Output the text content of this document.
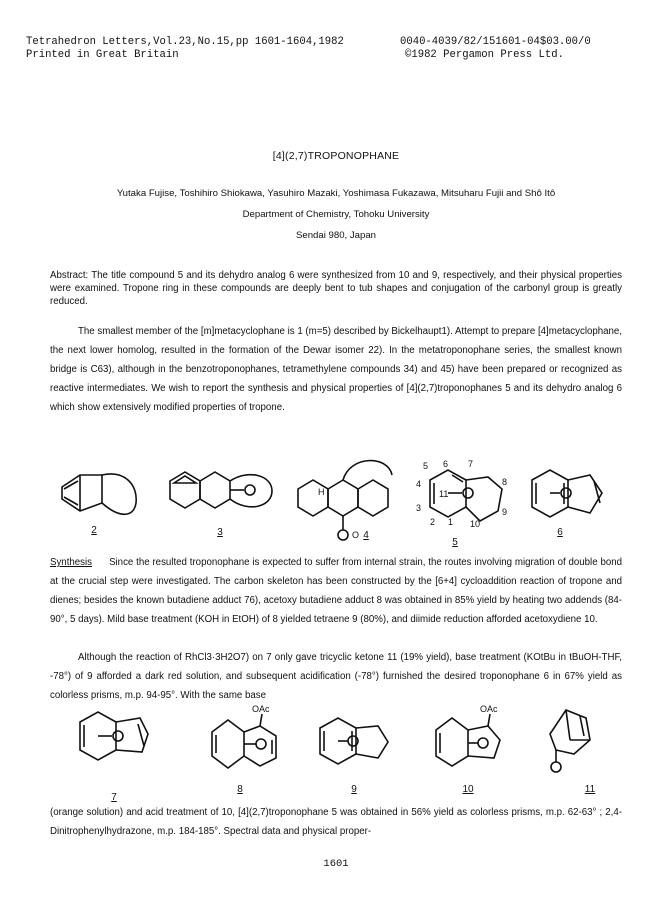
Tetrahedron Letters,Vol.23,No.15,pp 1601-1604,1982	0040-4039/82/151601-04$03.00/0
Printed in Great Britain	©1982 Pergamon Press Ltd.
[4](2,7)TROPONOPHANE
Yutaka Fujise, Toshihiro Shiokawa, Yasuhiro Mazaki, Yoshimasa Fukazawa, Mitsuharu Fujii and Shô Itô
Department of Chemistry, Tohoku University
Sendai 980, Japan
Abstract: The title compound 5 and its dehydro analog 6 were synthesized from 10 and 9, respectively, and their physical properties were examined. Tropone ring in these compounds are deeply bent to tub shapes and conjugation of the carbonyl group is greatly reduced.
The smallest member of the [m]metacyclophane is 1 (m=5) described by Bickelhaupt1). Attempt to prepare [4]metacyclophane, the next lower homolog, resulted in the formation of the Dewar isomer 22). In the metatroponophane series, the smallest known bridge is C63), although in the benzotroponophanes, tetramethylene compounds 34) and 45) have been prepared or recognized as reactive intermediates. We wish to report the synthesis and physical properties of [4](2,7)troponophanes 5 and its dehydro analog 6 which show extensively modified properties of tropone.
H
O
5 6 7
4	8
3	9
2 1 10
11
2	3	4
5
6
Synthesis Since the resulted troponophane is expected to suffer from internal strain, the routes involving migration of double bond at the crucial step were investigated. The carbon skeleton has been constructed by the [6+4] cycloaddition reaction of tropone and dienes; besides the known butadiene adduct 76), acetoxy butadiene adduct 8 was obtained in 85% yield by heating two addends (84-90°, 5 days). Mild base treatment (KOH in EtOH) of 8 yielded tetraene 9 (80%), and diimide reduction afforded acetoxydiene 10.
Although the reaction of RhCl3·3H2O7) on 7 only gave tricyclic ketone 11 (19% yield), base treatment (KOtBu in tBuOH-THF, -78°) of 9 afforded a dark red solution, and subsequent acidification (-78°) furnished the desired troponophane 6 in 67% yield as colorless prisms, m.p. 94-95°. With the same base
OAc	OAc
7
8	9	10	11
(orange solution) and acid treatment of 10, [4](2,7)troponophane 5 was obtained in 56% yield as colorless prisms, m.p. 62-63° ; 2,4-Dinitrophenylhydrazone, m.p. 184-185°. Spectral data and physical proper-
1601
